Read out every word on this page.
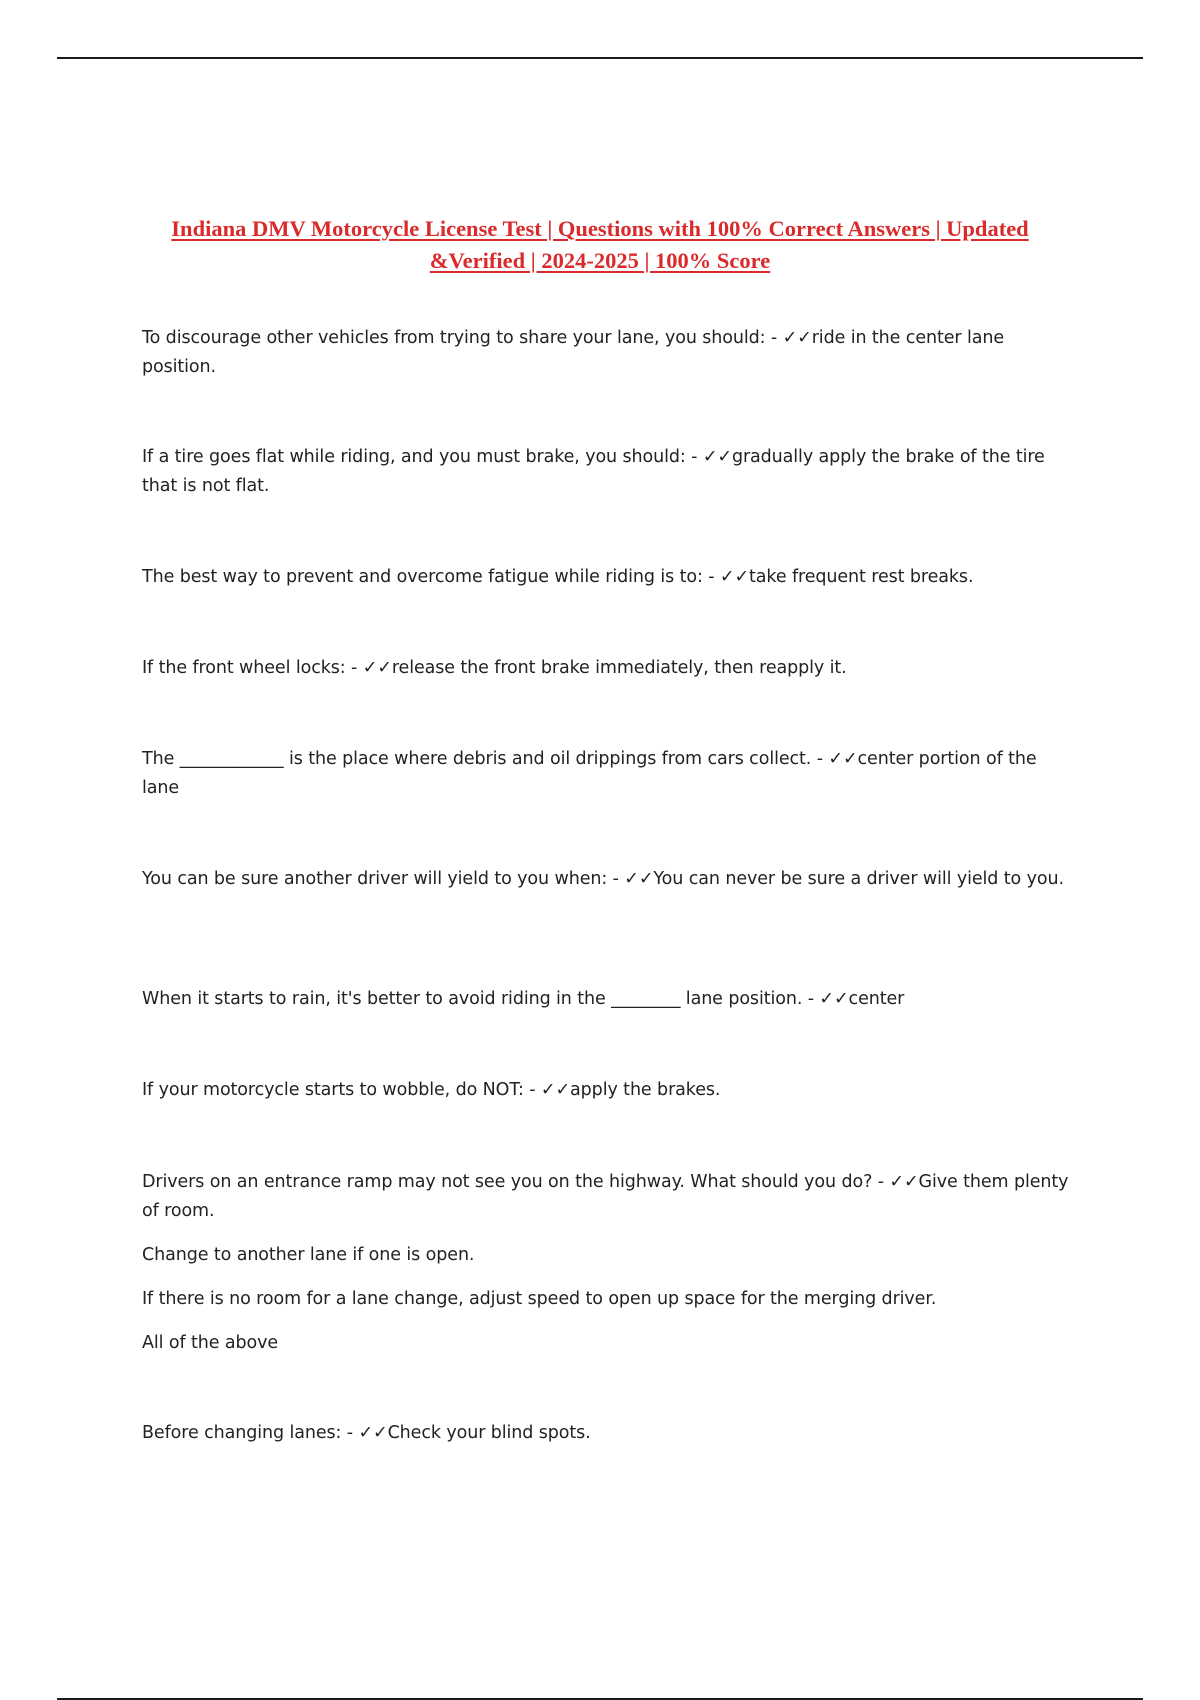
Indiana DMV Motorcycle License Test | Questions with 100% Correct Answers | Updated &Verified | 2024-2025 | 100% Score

To discourage other vehicles from trying to share your lane, you should: - ✓✓ride in the center lane position.

If a tire goes flat while riding, and you must brake, you should: - ✓✓gradually apply the brake of the tire that is not flat.

The best way to prevent and overcome fatigue while riding is to: - ✓✓take frequent rest breaks.

If the front wheel locks: - ✓✓release the front brake immediately, then reapply it.

The ____________ is the place where debris and oil drippings from cars collect. - ✓✓center portion of the lane

You can be sure another driver will yield to you when: - ✓✓You can never be sure a driver will yield to you.

When it starts to rain, it's better to avoid riding in the ________ lane position. - ✓✓center

If your motorcycle starts to wobble, do NOT: - ✓✓apply the brakes.

Drivers on an entrance ramp may not see you on the highway. What should you do? - ✓✓Give them plenty of room.

Change to another lane if one is open.

If there is no room for a lane change, adjust speed to open up space for the merging driver.

All of the above

Before changing lanes: - ✓✓Check your blind spots.
